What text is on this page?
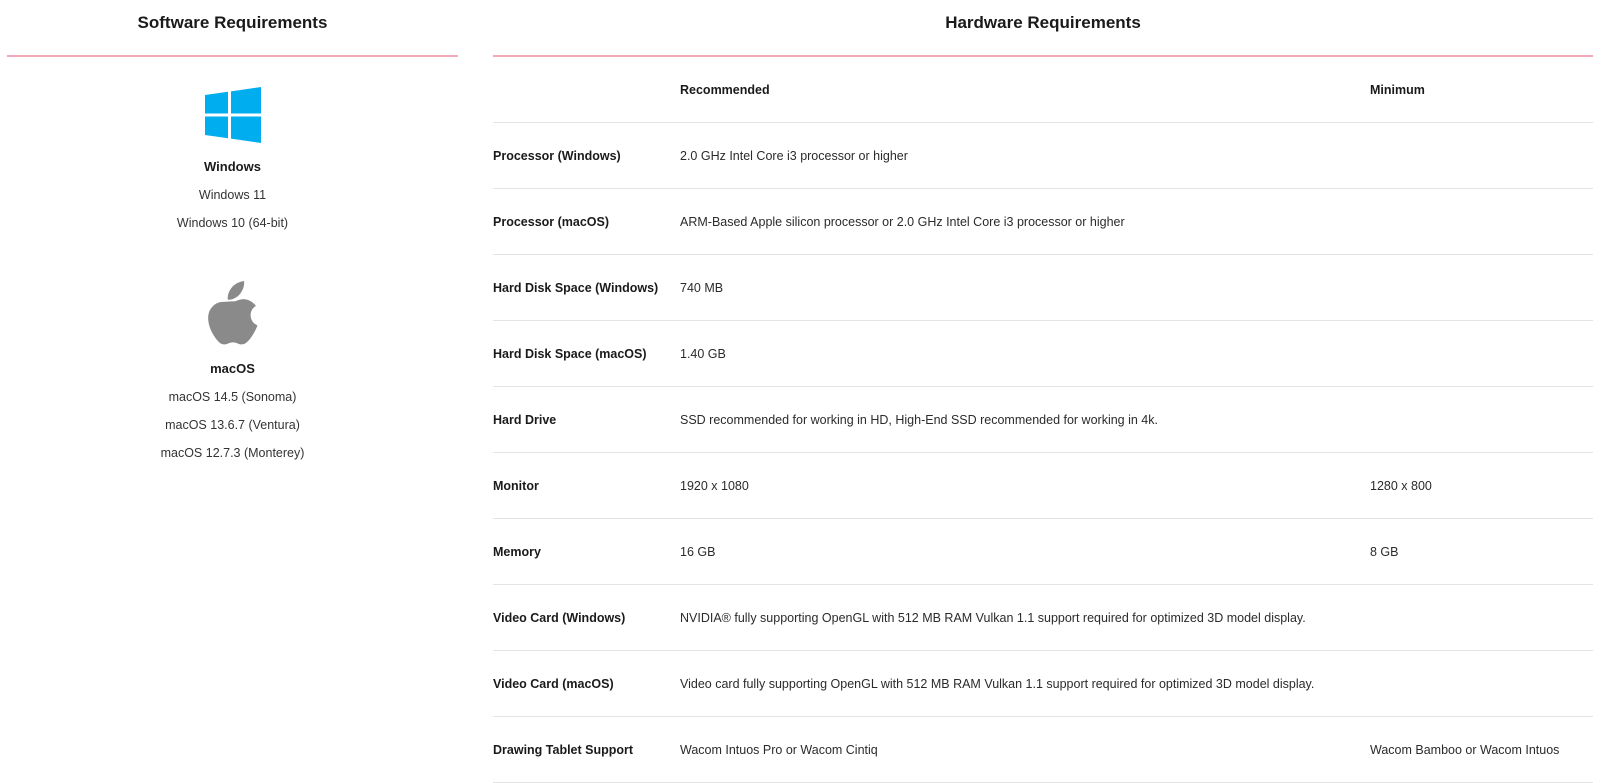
Software Requirements
Windows
Windows 11
Windows 10 (64-bit)
macOS
macOS 14.5 (Sonoma)
macOS 13.6.7 (Ventura)
macOS 12.7.3 (Monterey)
Hardware Requirements
	Recommended	Minimum
Processor (Windows)	2.0 GHz Intel Core i3 processor or higher	
Processor (macOS)	ARM-Based Apple silicon processor or 2.0 GHz Intel Core i3 processor or higher	
Hard Disk Space (Windows)	740 MB	
Hard Disk Space (macOS)	1.40 GB	
Hard Drive	SSD recommended for working in HD, High-End SSD recommended for working in 4k.	
Monitor	1920 x 1080	1280 x 800
Memory	16 GB	8 GB
Video Card (Windows)	NVIDIA® fully supporting OpenGL with 512 MB RAM Vulkan 1.1 support required for optimized 3D model display.	
Video Card (macOS)	Video card fully supporting OpenGL with 512 MB RAM Vulkan 1.1 support required for optimized 3D model display.	
Drawing Tablet Support	Wacom Intuos Pro or Wacom Cintiq	Wacom Bamboo or Wacom Intuos
